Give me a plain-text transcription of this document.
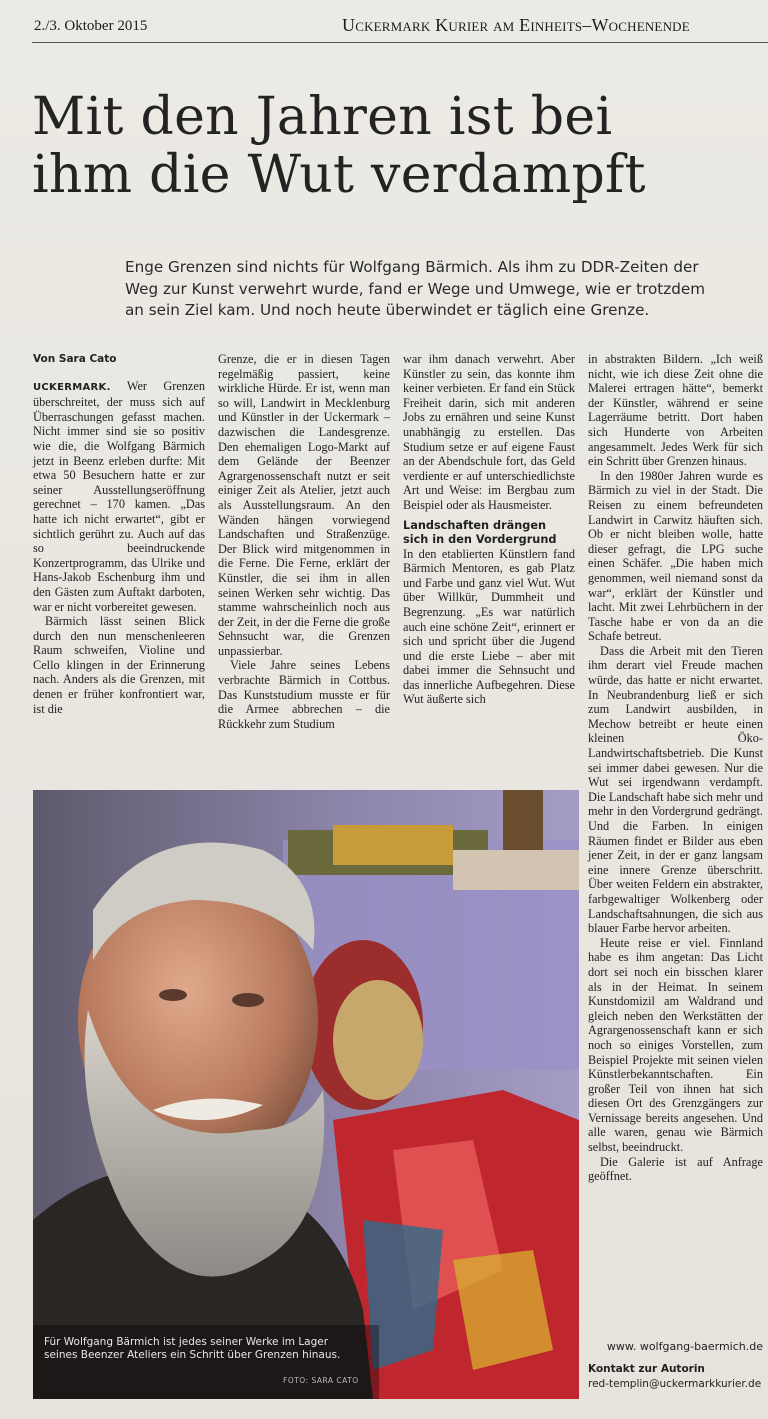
2./3. Oktober 2015	Uckermark Kurier am Einheits–Wochenende
Mit den Jahren ist bei
ihm die Wut verdampft

Enge Grenzen sind nichts für Wolfgang Bärmich. Als ihm zu DDR-Zeiten der Weg zur Kunst verwehrt wurde, fand er Wege und Umwege, wie er trotzdem an sein Ziel kam. Und noch heute überwindet er täglich eine Grenze.

Von Sara Cato

UCKERMARK. Wer Grenzen überschreitet, der muss sich auf Überraschungen gefasst machen. Nicht immer sind sie so positiv wie die, die Wolfgang Bärmich jetzt in Beenz erleben durfte: Mit etwa 50 Besuchern hatte er zur seiner Ausstellungseröffnung gerechnet – 170 kamen. „Das hatte ich nicht erwartet“, gibt er sichtlich gerührt zu. Auch auf das so beeindruckende Konzertprogramm, das Ulrike und Hans-Jakob Eschenburg ihm und den Gästen zum Auftakt darboten, war er nicht vorbereitet gewesen.

Bärmich lässt seinen Blick durch den nun menschenleeren Raum schweifen, Violine und Cello klingen in der Erinnerung nach. Anders als die Grenzen, mit denen er früher konfrontiert war, ist die

Grenze, die er in diesen Tagen regelmäßig passiert, keine wirkliche Hürde. Er ist, wenn man so will, Landwirt in Mecklenburg und Künstler in der Uckermark – dazwischen die Landesgrenze. Den ehemaligen Logo-Markt auf dem Gelände der Beenzer Agrargenossenschaft nutzt er seit einiger Zeit als Atelier, jetzt auch als Ausstellungsraum. An den Wänden hängen vorwiegend Landschaften und Straßenzüge. Der Blick wird mitgenommen in die Ferne. Die Ferne, erklärt der Künstler, die sei ihm in allen seinen Werken sehr wichtig. Das stamme wahrscheinlich noch aus der Zeit, in der die Ferne die große Sehnsucht war, die Grenzen unpassierbar.

Viele Jahre seines Lebens verbrachte Bärmich in Cottbus. Das Kunststudium musste er für die Armee abbrechen – die Rückkehr zum Studium

war ihm danach verwehrt. Aber Künstler zu sein, das konnte ihm keiner verbieten. Er fand ein Stück Freiheit darin, sich mit anderen Jobs zu ernähren und seine Kunst unabhängig zu erstellen. Das Studium setze er auf eigene Faust an der Abendschule fort, das Geld verdiente er auf unterschiedlichste Art und Weise: im Bergbau zum Beispiel oder als Hausmeister.

Landschaften drängen sich in den Vordergrund

In den etablierten Künstlern fand Bärmich Mentoren, es gab Platz und Farbe und ganz viel Wut. Wut über Willkür, Dummheit und Begrenzung. „Es war natürlich auch eine schöne Zeit“, erinnert er sich und spricht über die Jugend und die erste Liebe – aber mit dabei immer die Sehnsucht und das innerliche Aufbegehren. Diese Wut äußerte sich

in abstrakten Bildern. „Ich weiß nicht, wie ich diese Zeit ohne die Malerei ertragen hätte“, bemerkt der Künstler, während er seine Lagerräume betritt. Dort haben sich Hunderte von Arbeiten angesammelt. Jedes Werk für sich ein Schritt über Grenzen hinaus.

In den 1980er Jahren wurde es Bärmich zu viel in der Stadt. Die Reisen zu einem befreundeten Landwirt in Carwitz häuften sich. Ob er nicht bleiben wolle, hatte dieser gefragt, die LPG suche einen Schäfer. „Die haben mich genommen, weil niemand sonst da war“, erklärt der Künstler und lacht. Mit zwei Lehrbüchern in der Tasche habe er von da an die Schafe betreut.

Dass die Arbeit mit den Tieren ihm derart viel Freude machen würde, das hatte er nicht erwartet. In Neubrandenburg ließ er sich zum Landwirt ausbilden, in Mechow betreibt er heute einen kleinen Öko-Landwirtschaftsbetrieb. Die Kunst sei immer dabei gewesen. Nur die Wut sei irgendwann verdampft. Die Landschaft habe sich mehr und mehr in den Vordergrund gedrängt. Und die Farben. In einigen Räumen findet er Bilder aus eben jener Zeit, in der er ganz langsam eine innere Grenze überschritt. Über weiten Feldern ein abstrakter, farbgewaltiger Wolkenberg oder Landschaftsahnungen, die sich aus blauer Farbe hervor arbeiten.

Heute reise er viel. Finnland habe es ihm angetan: Das Licht dort sei noch ein bisschen klarer als in der Heimat. In seinem Kunstdomizil am Waldrand und gleich neben den Werkstätten der Agrargenossenschaft kann er sich noch so einiges Vorstellen, zum Beispiel Projekte mit seinen vielen Künstlerbekanntschaften. Ein großer Teil von ihnen hat sich diesen Ort des Grenzgängers zur Vernissage bereits angesehen. Und alle waren, genau wie Bärmich selbst, beeindruckt.

Die Galerie ist auf Anfrage geöffnet.

Für Wolfgang Bärmich ist jedes seiner Werke im Lager seines Beenzer Ateliers ein Schritt über Grenzen hinaus.
FOTO: SARA CATO
www. wolfgang-baermich.de
Kontakt zur Autorin
red-templin@uckermarkkurier.de
